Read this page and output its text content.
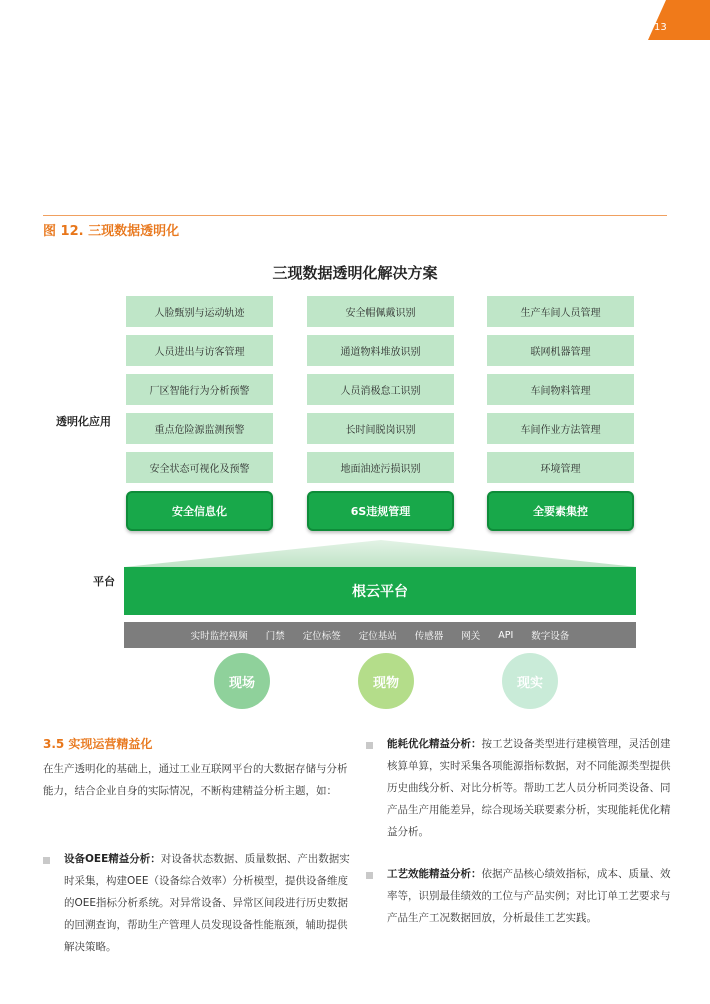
13
图 12. 三现数据透明化
三现数据透明化解决方案
透明化应用
人脸甄别与运动轨迹
人员进出与访客管理
厂区智能行为分析预警
重点危险源监测预警
安全状态可视化及预警
安全信息化
安全帽佩戴识别
通道物料堆放识别
人员消极怠工识别
长时间脱岗识别
地面油迹污损识别
6S违规管理
生产车间人员管理
联网机器管理
车间物料管理
车间作业方法管理
环境管理
全要素集控
平台
根云平台
实时监控视频 门禁 定位标签 定位基站 传感器 网关 API 数字设备
现场	现物	现实
3.5 实现运营精益化

在生产透明化的基础上，通过工业互联网平台的大数据存储与分析能力，结合企业自身的实际情况，不断构建精益分析主题，如：

设备OEE精益分析：对设备状态数据、质量数据、产出数据实时采集，构建OEE（设备综合效率）分析模型，提供设备维度的OEE指标分析系统。对异常设备、异常区间段进行历史数据的回溯查询，帮助生产管理人员发现设备性能瓶颈，辅助提供解决策略。

能耗优化精益分析：按工艺设备类型进行建模管理，灵活创建核算单算，实时采集各项能源指标数据，对不同能源类型提供历史曲线分析、对比分析等。帮助工艺人员分析同类设备、同产品生产用能差异，综合现场关联要素分析，实现能耗优化精益分析。

工艺效能精益分析：依据产品核心绩效指标，成本、质量、效率等，识别最佳绩效的工位与产品实例；对比订单工艺要求与产品生产工况数据回放，分析最佳工艺实践。
